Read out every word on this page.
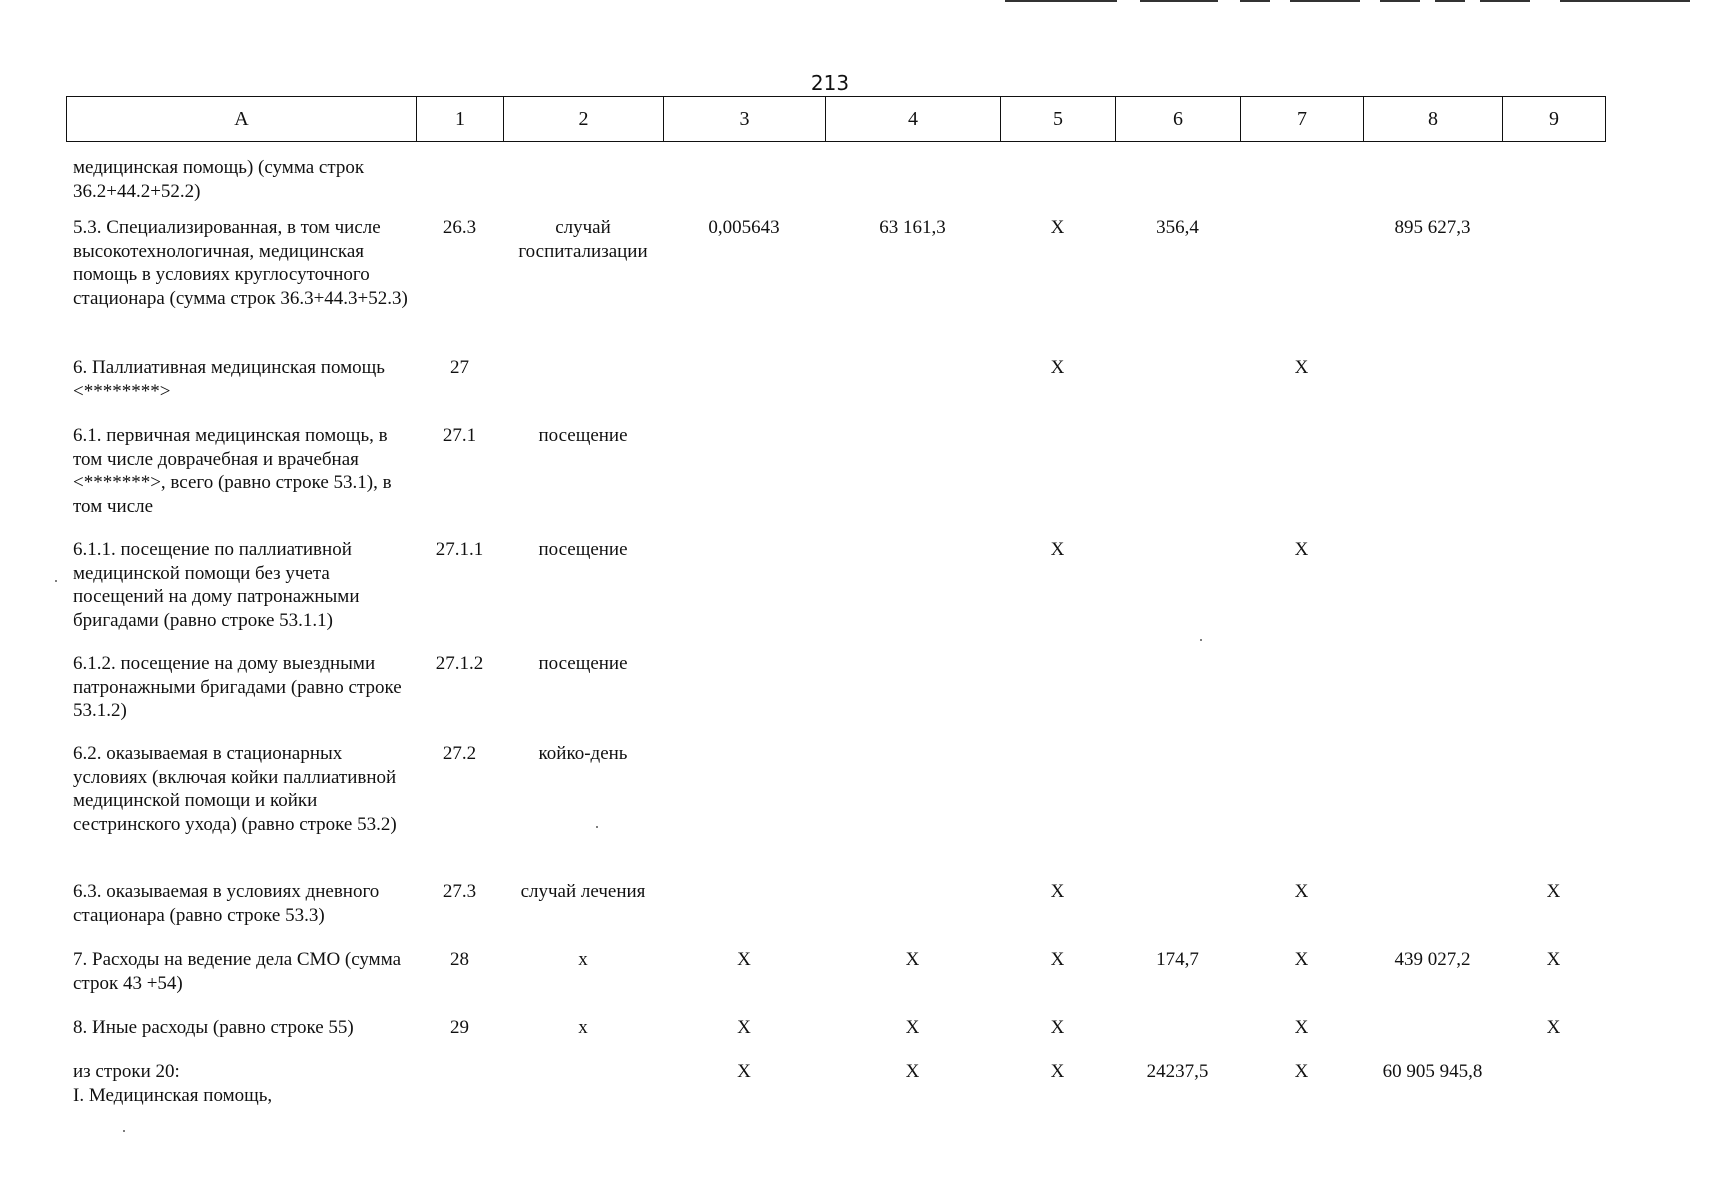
213
A	1	2	3	4	5	6	7	8	9
медицинская помощь) (сумма строк 36.2+44.2+52.2)									
5.3. Специализированная, в том числе высокотехнологичная, медицинская помощь в условиях круглосуточного стационара (сумма строк 36.3+44.3+52.3)	26.3	случай госпитализации	0,005643	63 161,3	X	356,4		895 627,3	
6. Паллиативная медицинская помощь <********>	27				X		X		
6.1. первичная медицинская помощь, в том числе доврачебная и врачебная <*******>, всего (равно строке 53.1), в том числе	27.1	посещение							
6.1.1. посещение по паллиативной медицинской помощи без учета посещений на дому патронажными бригадами (равно строке 53.1.1)	27.1.1	посещение			X		X		
6.1.2. посещение на дому выездными патронажными бригадами (равно строке 53.1.2)	27.1.2	посещение							
6.2. оказываемая в стационарных условиях (включая койки паллиативной медицинской помощи и койки сестринского ухода) (равно строке 53.2)	27.2	койко-день							
6.3. оказываемая в условиях дневного стационара (равно строке 53.3)	27.3	случай лечения			X		X		X
7. Расходы на ведение дела СМО (сумма строк 43 +54)	28	x	X	X	X	174,7	X	439 027,2	X
8. Иные расходы (равно строке 55)	29	x	X	X	X		X		X
из строки 20:
I. Медицинская помощь,			X	X	X	24237,5	X	60 905 945,8	
